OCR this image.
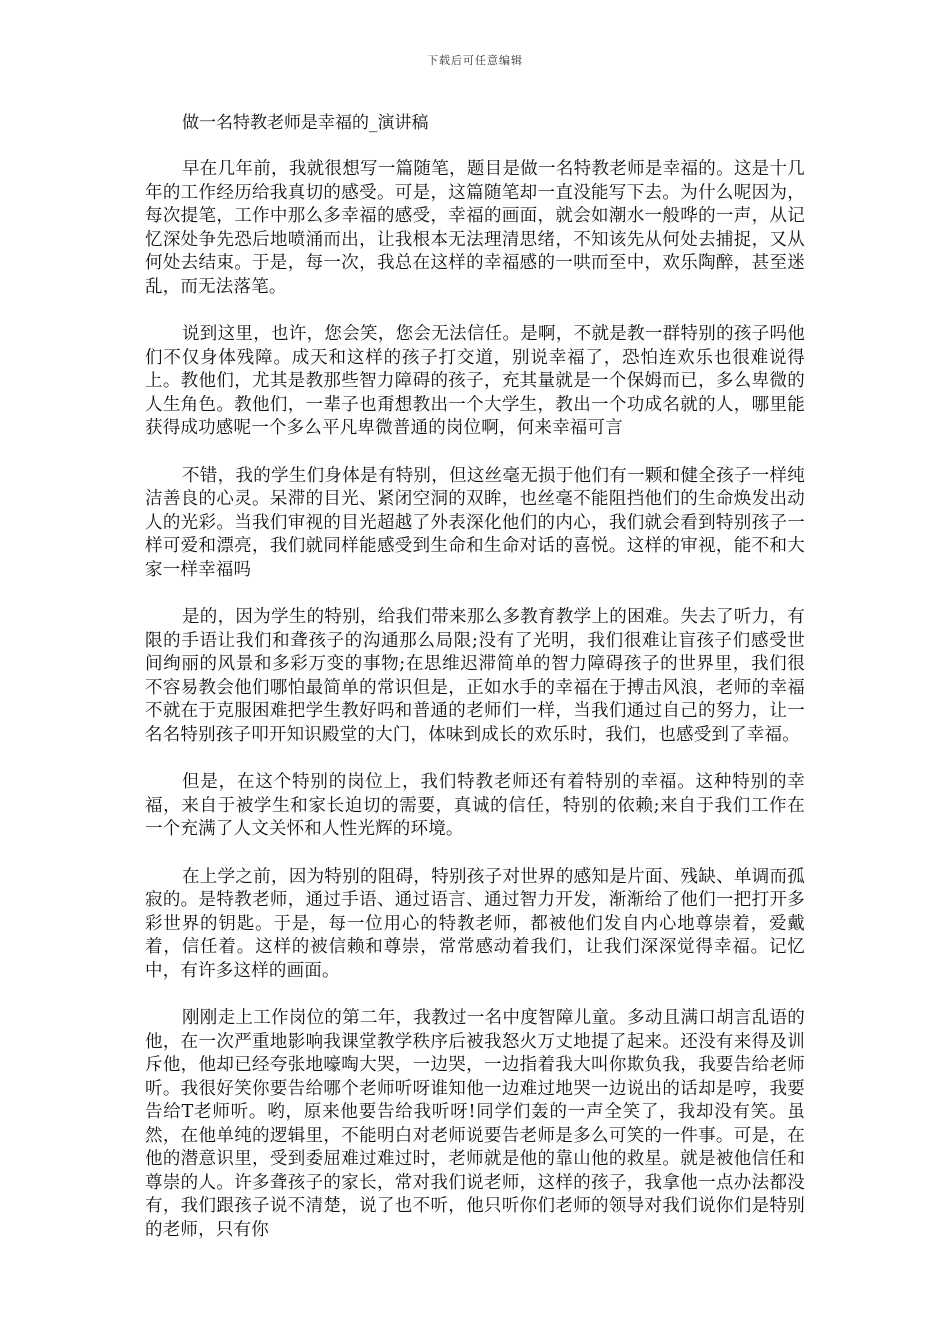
下载后可任意编辑
做一名特教老师是幸福的_演讲稿

早在几年前，我就很想写一篇随笔，题目是做一名特教老师是幸福的。这是十几年的工作经历给我真切的感受。可是，这篇随笔却一直没能写下去。为什么呢因为，每次提笔，工作中那么多幸福的感受，幸福的画面，就会如潮水一般哗的一声，从记忆深处争先恐后地喷涌而出，让我根本无法理清思绪，不知该先从何处去捕捉，又从何处去结束。于是，每一次，我总在这样的幸福感的一哄而至中，欢乐陶醉，甚至迷乱，而无法落笔。

说到这里，也许，您会笑，您会无法信任。是啊，不就是教一群特别的孩子吗他们不仅身体残障。成天和这样的孩子打交道，别说幸福了，恐怕连欢乐也很难说得上。教他们，尤其是教那些智力障碍的孩子，充其量就是一个保姆而已，多么卑微的人生角色。教他们，一辈子也甭想教出一个大学生，教出一个功成名就的人，哪里能获得成功感呢一个多么平凡卑微普通的岗位啊，何来幸福可言

不错，我的学生们身体是有特别，但这丝毫无损于他们有一颗和健全孩子一样纯洁善良的心灵。呆滞的目光、紧闭空洞的双眸，也丝毫不能阻挡他们的生命焕发出动人的光彩。当我们审视的目光超越了外表深化他们的内心，我们就会看到特别孩子一样可爱和漂亮，我们就同样能感受到生命和生命对话的喜悦。这样的审视，能不和大家一样幸福吗

是的，因为学生的特别，给我们带来那么多教育教学上的困难。失去了听力，有限的手语让我们和聋孩子的沟通那么局限;没有了光明，我们很难让盲孩子们感受世间绚丽的风景和多彩万变的事物;在思维迟滞简单的智力障碍孩子的世界里，我们很不容易教会他们哪怕最简单的常识但是，正如水手的幸福在于搏击风浪，老师的幸福不就在于克服困难把学生教好吗和普通的老师们一样，当我们通过自己的努力，让一名名特别孩子叩开知识殿堂的大门，体味到成长的欢乐时，我们，也感受到了幸福。

但是，在这个特别的岗位上，我们特教老师还有着特别的幸福。这种特别的幸福，来自于被学生和家长迫切的需要，真诚的信任，特别的依赖;来自于我们工作在一个充满了人文关怀和人性光辉的环境。

在上学之前，因为特别的阻碍，特别孩子对世界的感知是片面、残缺、单调而孤寂的。是特教老师，通过手语、通过语言、通过智力开发，渐渐给了他们一把打开多彩世界的钥匙。于是，每一位用心的特教老师，都被他们发自内心地尊崇着，爱戴着，信任着。这样的被信赖和尊崇，常常感动着我们，让我们深深觉得幸福。记忆中，有许多这样的画面。

刚刚走上工作岗位的第二年，我教过一名中度智障儿童。多动且满口胡言乱语的他，在一次严重地影响我课堂教学秩序后被我怒火万丈地提了起来。还没有来得及训斥他，他却已经夸张地嚎啕大哭，一边哭，一边指着我大叫你欺负我，我要告给老师听。我很好笑你要告给哪个老师听呀谁知他一边难过地哭一边说出的话却是哼，我要告给T老师听。哟，原来他要告给我听呀!同学们轰的一声全笑了，我却没有笑。虽然，在他单纯的逻辑里，不能明白对老师说要告老师是多么可笑的一件事。可是，在他的潜意识里，受到委屈难过难过时，老师就是他的靠山他的救星。就是被他信任和尊崇的人。许多聋孩子的家长，常对我们说老师，这样的孩子，我拿他一点办法都没有，我们跟孩子说不清楚，说了也不听，他只听你们老师的领导对我们说你们是特别的老师，只有你
